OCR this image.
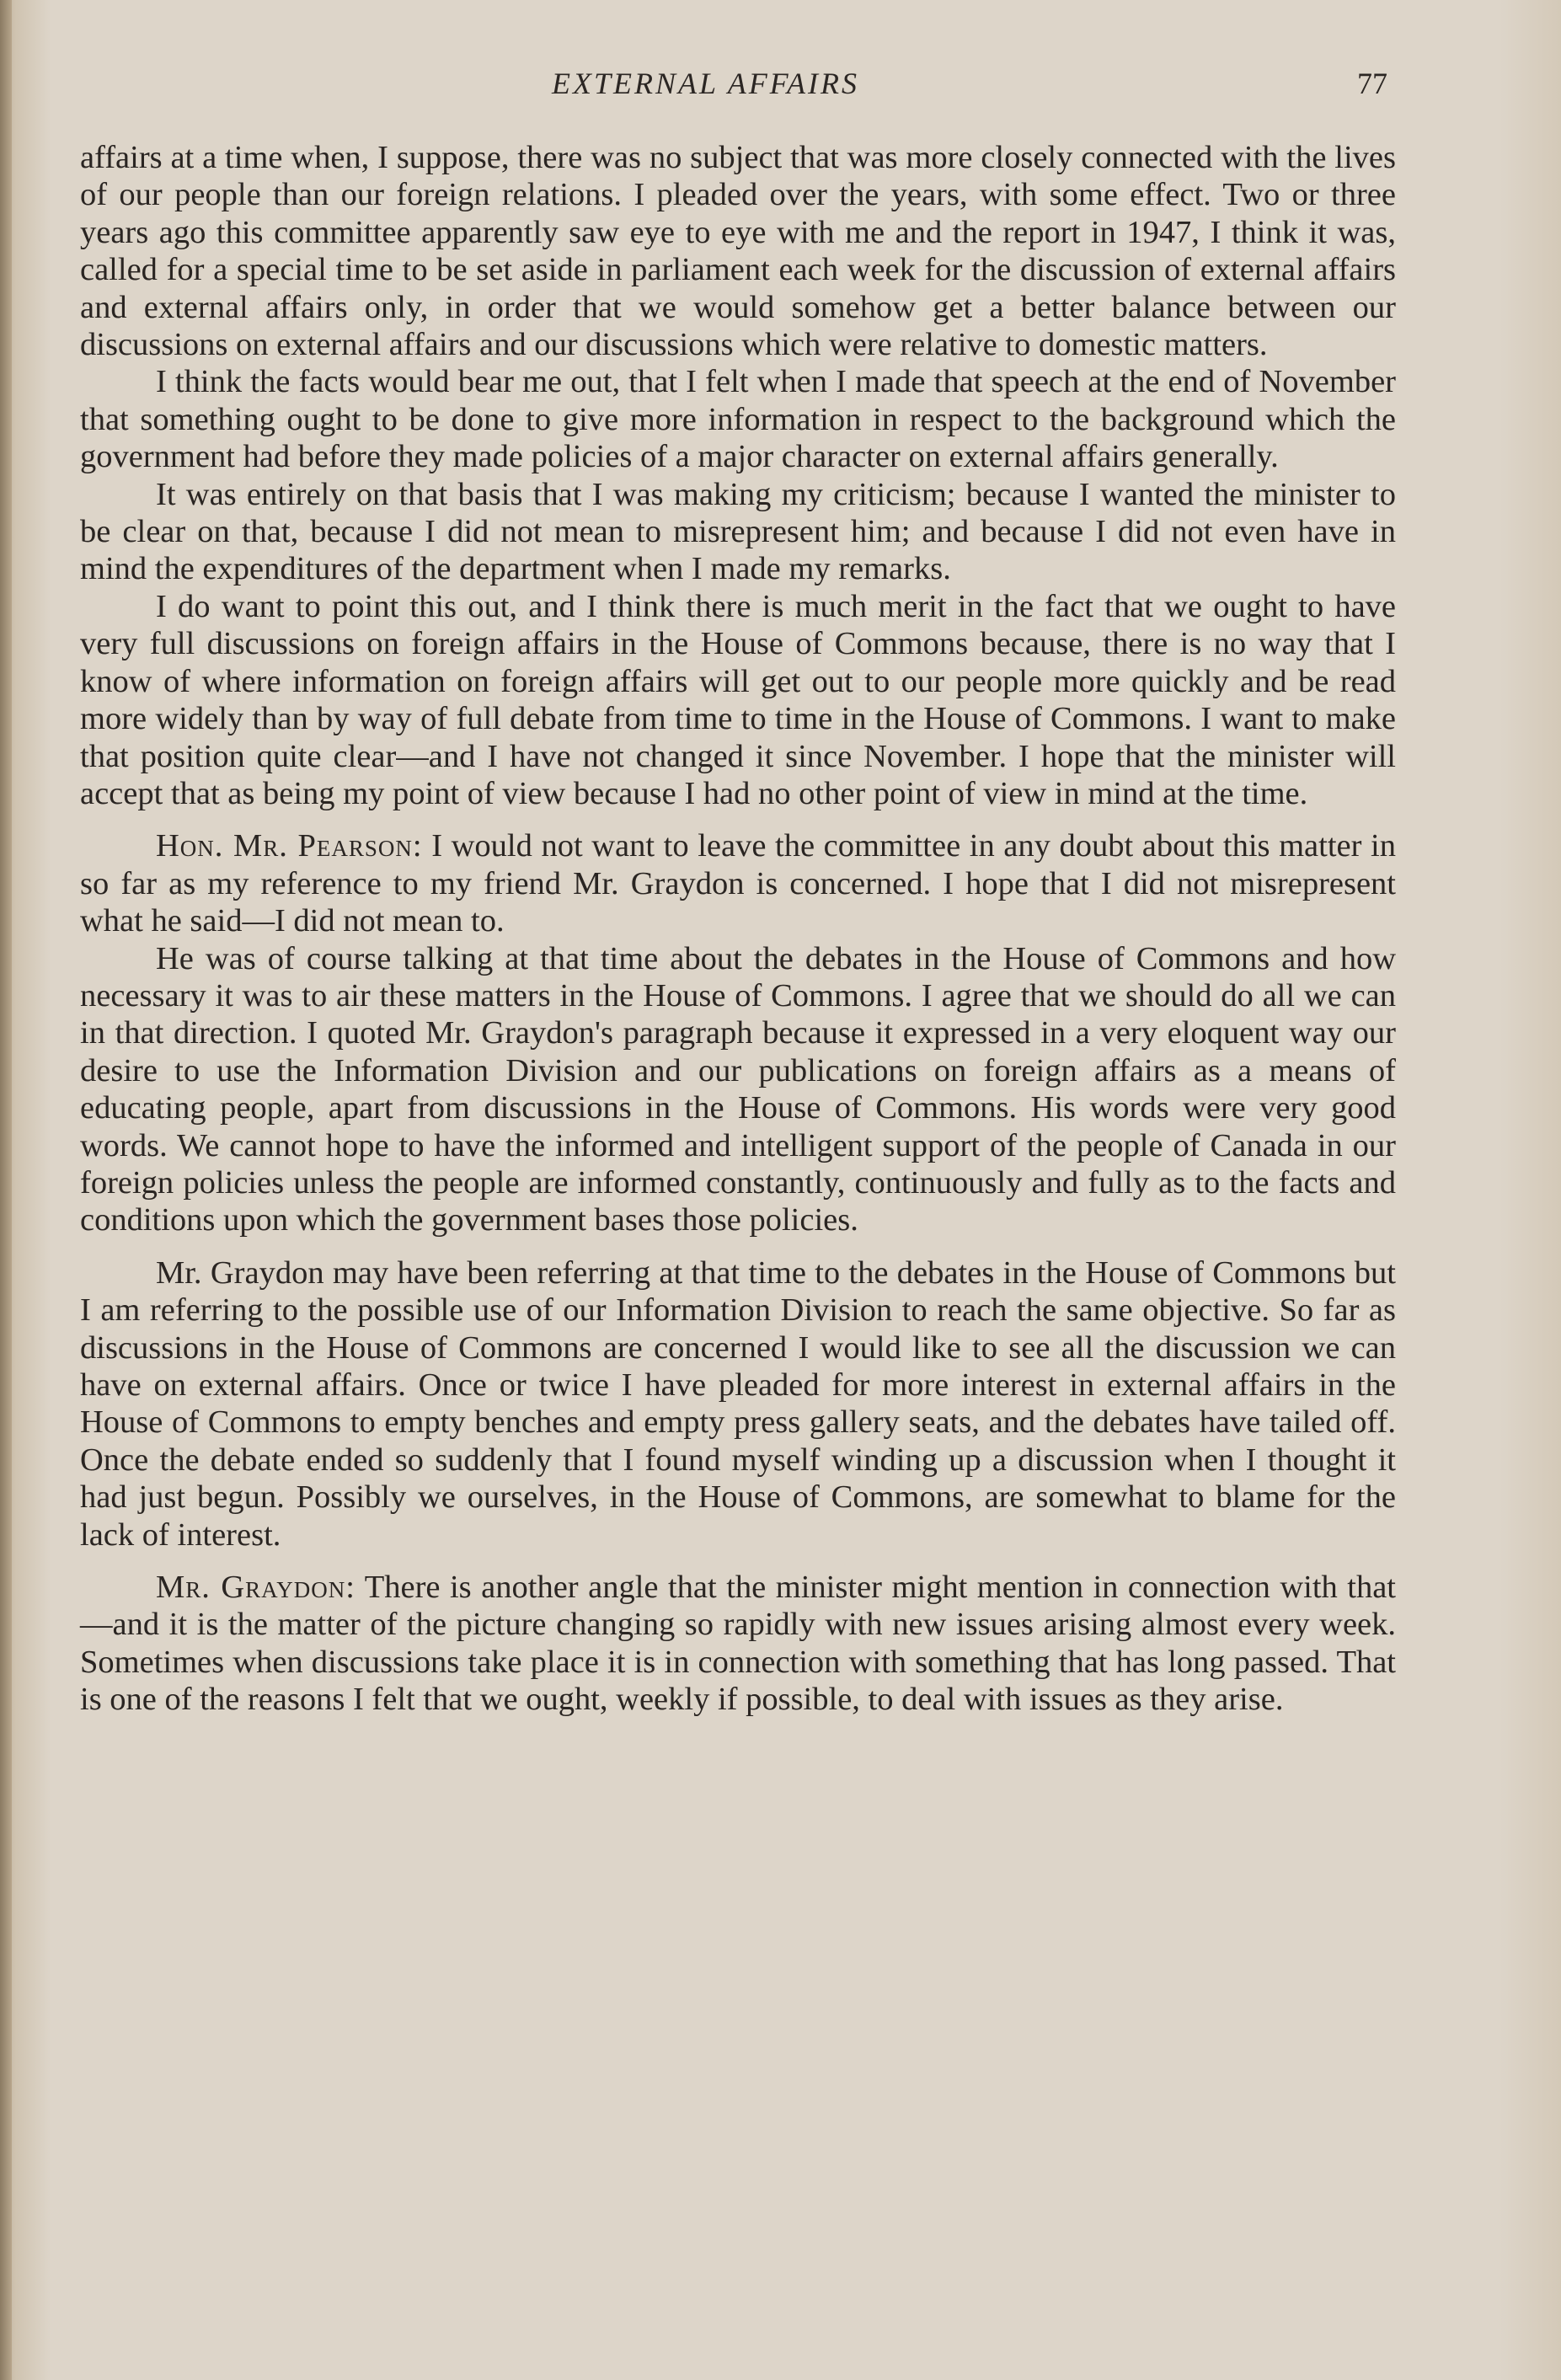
EXTERNAL AFFAIRS	77

affairs at a time when, I suppose, there was no subject that was more closely connected with the lives of our people than our foreign relations. I pleaded over the years, with some effect. Two or three years ago this committee apparently saw eye to eye with me and the report in 1947, I think it was, called for a special time to be set aside in parliament each week for the discussion of external affairs and external affairs only, in order that we would somehow get a better balance between our discussions on external affairs and our discussions which were relative to domestic matters.

I think the facts would bear me out, that I felt when I made that speech at the end of November that something ought to be done to give more information in respect to the background which the government had before they made policies of a major character on external affairs generally.

It was entirely on that basis that I was making my criticism; because I wanted the minister to be clear on that, because I did not mean to misrepresent him; and because I did not even have in mind the expenditures of the department when I made my remarks.

I do want to point this out, and I think there is much merit in the fact that we ought to have very full discussions on foreign affairs in the House of Commons because, there is no way that I know of where information on foreign affairs will get out to our people more quickly and be read more widely than by way of full debate from time to time in the House of Commons. I want to make that position quite clear—and I have not changed it since November. I hope that the minister will accept that as being my point of view because I had no other point of view in mind at the time.

Hon. Mr. Pearson: I would not want to leave the committee in any doubt about this matter in so far as my reference to my friend Mr. Graydon is concerned. I hope that I did not misrepresent what he said—I did not mean to.

He was of course talking at that time about the debates in the House of Commons and how necessary it was to air these matters in the House of Commons. I agree that we should do all we can in that direction. I quoted Mr. Graydon's paragraph because it expressed in a very eloquent way our desire to use the Information Division and our publications on foreign affairs as a means of educating people, apart from discussions in the House of Commons. His words were very good words. We cannot hope to have the informed and intelligent support of the people of Canada in our foreign policies unless the people are informed constantly, continuously and fully as to the facts and conditions upon which the government bases those policies.

Mr. Graydon may have been referring at that time to the debates in the House of Commons but I am referring to the possible use of our Information Division to reach the same objective. So far as discussions in the House of Commons are concerned I would like to see all the discussion we can have on external affairs. Once or twice I have pleaded for more interest in external affairs in the House of Commons to empty benches and empty press gallery seats, and the debates have tailed off. Once the debate ended so suddenly that I found myself winding up a discussion when I thought it had just begun. Possibly we ourselves, in the House of Commons, are somewhat to blame for the lack of interest.

Mr. Graydon: There is another angle that the minister might mention in connection with that—and it is the matter of the picture changing so rapidly with new issues arising almost every week. Sometimes when discussions take place it is in connection with something that has long passed. That is one of the reasons I felt that we ought, weekly if possible, to deal with issues as they arise.
